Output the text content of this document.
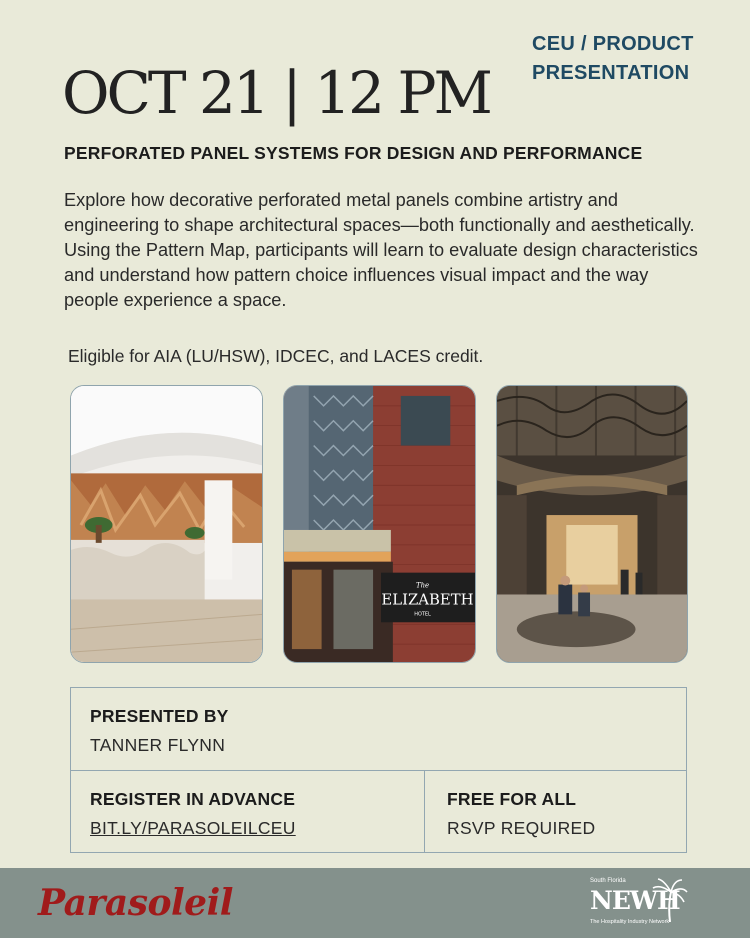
CEU / PRODUCT
PRESENTATION
OCT 21 | 12 PM
PERFORATED PANEL SYSTEMS FOR DESIGN AND PERFORMANCE
Explore how decorative perforated metal panels combine artistry and engineering to shape architectural spaces—both functionally and aesthetically. Using the Pattern Map, participants will learn to evaluate design characteristics and understand how pattern choice influences visual impact and the way people experience a space.
Eligible for AIA (LU/HSW), IDCEC, and LACES credit.
The
ELIZABETH
HOTEL
PRESENTED BY
TANNER FLYNN
REGISTER IN ADVANCE
BIT.LY/PARASOLEILCEU
FREE FOR ALL
RSVP REQUIRED
Parasoleil
South Florida
NEWH
The Hospitality Industry Network
